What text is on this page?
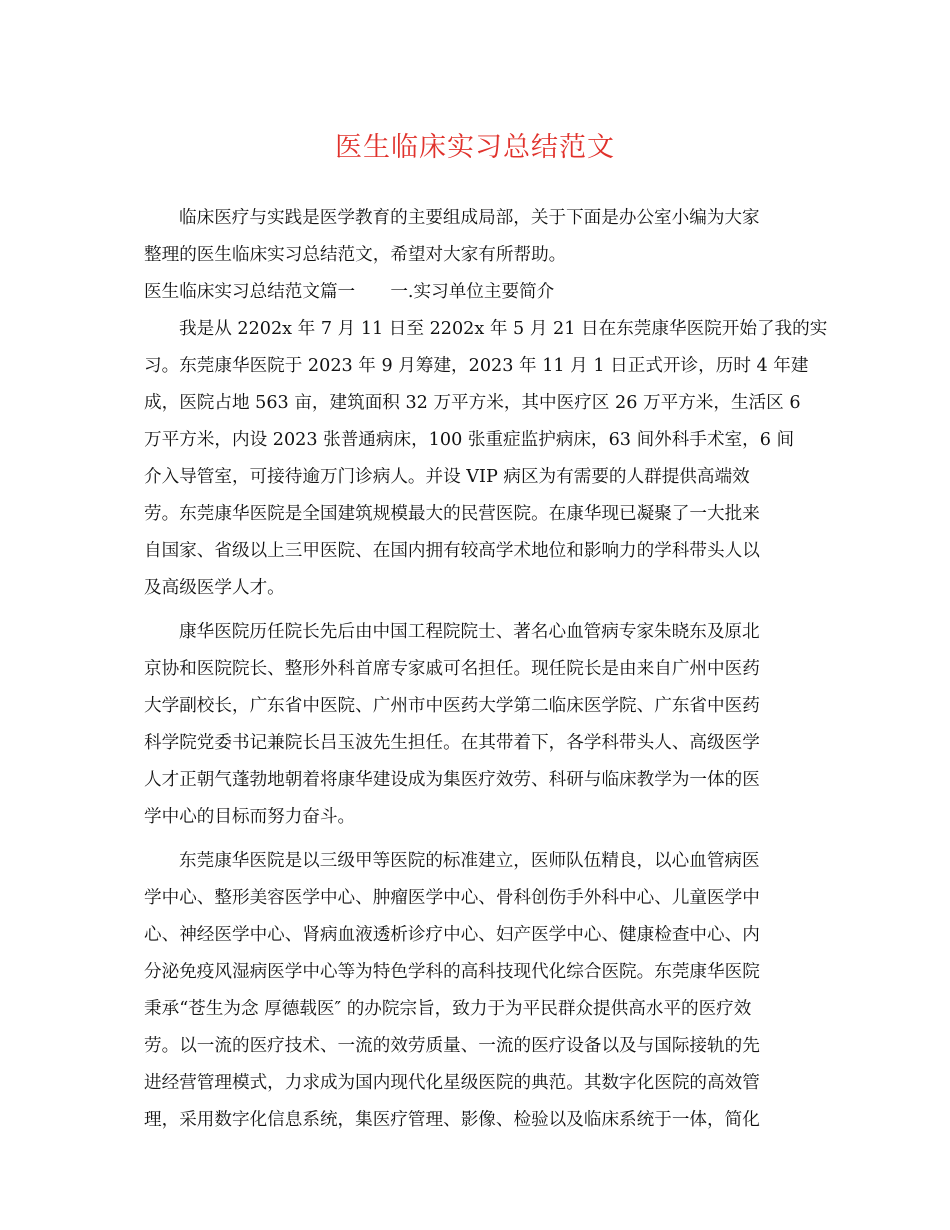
医生临床实习总结范文
临床医疗与实践是医学教育的主要组成局部，关于下面是办公室小编为大家
整理的医生临床实习总结范文，希望对大家有所帮助。
医生临床实习总结范文篇一　　一.实习单位主要简介
我是从 2202x 年 7 月 11 日至 2202x 年 5 月 21 日在东莞康华医院开始了我的实
习。东莞康华医院于 2023 年 9 月筹建，2023 年 11 月 1 日正式开诊，历时 4 年建
成，医院占地 563 亩，建筑面积 32 万平方米，其中医疗区 26 万平方米，生活区 6
万平方米，内设 2023 张普通病床，100 张重症监护病床，63 间外科手术室，6 间
介入导管室，可接待逾万门诊病人。并设 VIP 病区为有需要的人群提供高端效
劳。东莞康华医院是全国建筑规模最大的民营医院。在康华现已凝聚了一大批来
自国家、省级以上三甲医院、在国内拥有较高学术地位和影响力的学科带头人以
及高级医学人才。
康华医院历任院长先后由中国工程院院士、著名心血管病专家朱晓东及原北
京协和医院院长、整形外科首席专家戚可名担任。现任院长是由来自广州中医药
大学副校长，广东省中医院、广州市中医药大学第二临床医学院、广东省中医药
科学院党委书记兼院长吕玉波先生担任。在其带着下，各学科带头人、高级医学
人才正朝气蓬勃地朝着将康华建设成为集医疗效劳、科研与临床教学为一体的医
学中心的目标而努力奋斗。
东莞康华医院是以三级甲等医院的标准建立，医师队伍精良，以心血管病医
学中心、整形美容医学中心、肿瘤医学中心、骨科创伤手外科中心、儿童医学中
心、神经医学中心、肾病血液透析诊疗中心、妇产医学中心、健康检查中心、内
分泌免疫风湿病医学中心等为特色学科的高科技现代化综合医院。东莞康华医院
秉承“苍生为念 厚德载医″ 的办院宗旨，致力于为平民群众提供高水平的医疗效
劳。以一流的医疗技术、一流的效劳质量、一流的医疗设备以及与国际接轨的先
进经营管理模式，力求成为国内现代化星级医院的典范。其数字化医院的高效管
理，采用数字化信息系统，集医疗管理、影像、检验以及临床系统于一体，简化
